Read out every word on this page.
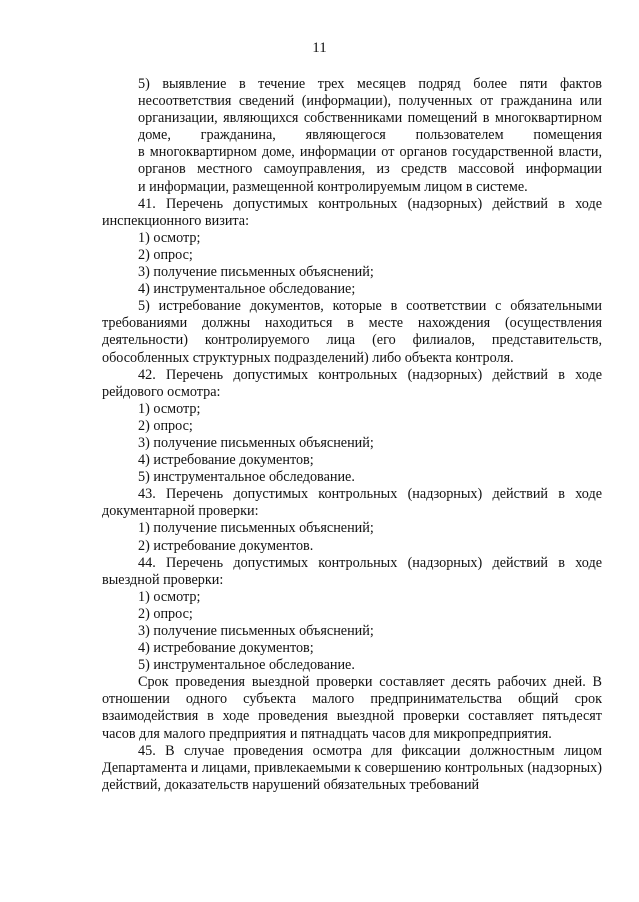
11

5) выявление в течение трех месяцев подряд более пяти фактов
несоответствия сведений (информации), полученных от гражданина или
организации, являющихся собственниками помещений в многоквартирном
доме, гражданина, являющегося пользователем помещения
в многоквартирном доме, информации от органов государственной власти,
органов местного самоуправления, из средств массовой информации
и информации, размещенной контролируемым лицом в системе.

41. Перечень допустимых контрольных (надзорных) действий в ходе инспекционного визита:

1) осмотр;

2) опрос;

3) получение письменных объяснений;

4) инструментальное обследование;

5) истребование документов, которые в соответствии с обязательными требованиями должны находиться в месте нахождения (осуществления деятельности) контролируемого лица (его филиалов, представительств, обособленных структурных подразделений) либо объекта контроля.

42. Перечень допустимых контрольных (надзорных) действий в ходе рейдового осмотра:

1) осмотр;

2) опрос;

3) получение письменных объяснений;

4) истребование документов;

5) инструментальное обследование.

43. Перечень допустимых контрольных (надзорных) действий в ходе документарной проверки:

1) получение письменных объяснений;

2) истребование документов.

44. Перечень допустимых контрольных (надзорных) действий в ходе выездной проверки:

1) осмотр;

2) опрос;

3) получение письменных объяснений;

4) истребование документов;

5) инструментальное обследование.

Срок проведения выездной проверки составляет десять рабочих дней. В отношении одного субъекта малого предпринимательства общий срок взаимодействия в ходе проведения выездной проверки составляет пятьдесят часов для малого предприятия и пятнадцать часов для микропредприятия.

45. В случае проведения осмотра для фиксации должностным лицом Департамента и лицами, привлекаемыми к совершению контрольных (надзорных) действий, доказательств нарушений обязательных требований
